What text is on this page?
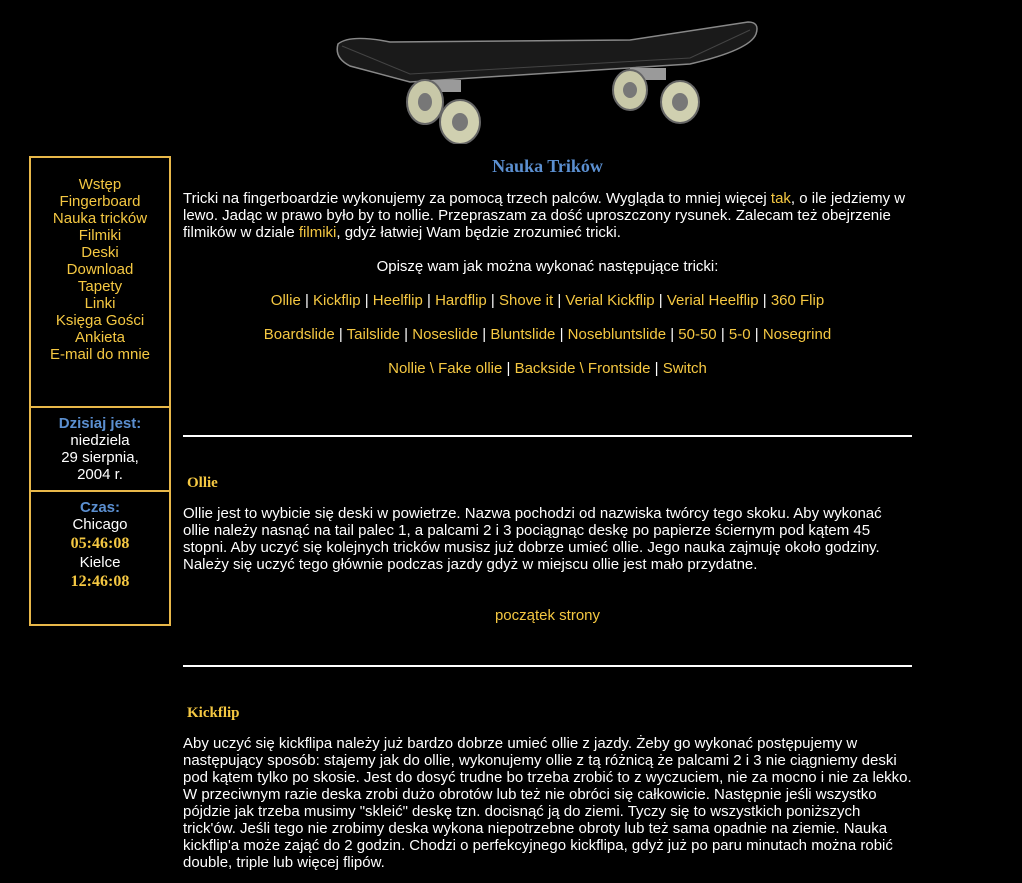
Wstęp
Fingerboard
Nauka tricków
Filmiki
Deski
Download
Tapety
Linki
Księga Gości
Ankieta
E-mail do mnie
Dzisiaj jest:
niedziela
29 sierpnia,
2004 r.
Czas:
Chicago
05:46:08
Kielce
12:46:08
Nauka Trików

Tricki na fingerboardzie wykonujemy za pomocą trzech palców. Wygląda to mniej więcej tak, o ile jedziemy w lewo. Jadąc w prawo było by to nollie. Przepraszam za dość uproszczony rysunek. Zalecam też obejrzenie filmików w dziale filmiki, gdyż łatwiej Wam będzie zrozumieć tricki.

Opiszę wam jak można wykonać następujące tricki:

Ollie | Kickflip | Heelflip | Hardflip | Shove it | Verial Kickflip | Verial Heelflip | 360 Flip

Boardslide | Tailslide | Noseslide | Bluntslide | Nosebluntslide | 50-50 | 5-0 | Nosegrind

Nollie \ Fake ollie | Backside \ Frontside | Switch

Ollie

Ollie jest to wybicie się deski w powietrze. Nazwa pochodzi od nazwiska twórcy tego skoku. Aby wykonać ollie należy nasnąć na tail palec 1, a palcami 2 i 3 pociągnąc deskę po papierze ściernym pod kątem 45 stopni. Aby uczyć się kolejnych tricków musisz już dobrze umieć ollie. Jego nauka zajmuję około godziny. Należy się uczyć tego głównie podczas jazdy gdyż w miejscu ollie jest mało przydatne.

początek strony

Kickflip

Aby uczyć się kickflipa należy już bardzo dobrze umieć ollie z jazdy. Żeby go wykonać postępujemy w następujący sposób: stajemy jak do ollie, wykonujemy ollie z tą różnicą że palcami 2 i 3 nie ciągniemy deski pod kątem tylko po skosie. Jest do dosyć trudne bo trzeba zrobić to z wyczuciem, nie za mocno i nie za lekko. W przeciwnym razie deska zrobi dużo obrotów lub też nie obróci się całkowicie. Następnie jeśli wszystko pójdzie jak trzeba musimy "skleić" deskę tzn. docisnąć ją do ziemi. Tyczy się to wszystkich poniższych trick'ów. Jeśli tego nie zrobimy deska wykona niepotrzebne obroty lub też sama opadnie na ziemie. Nauka kickflip'a może zająć do 2 godzin. Chodzi o perfekcyjnego kickflipa, gdyż już po paru minutach można robić double, triple lub więcej flipów.
